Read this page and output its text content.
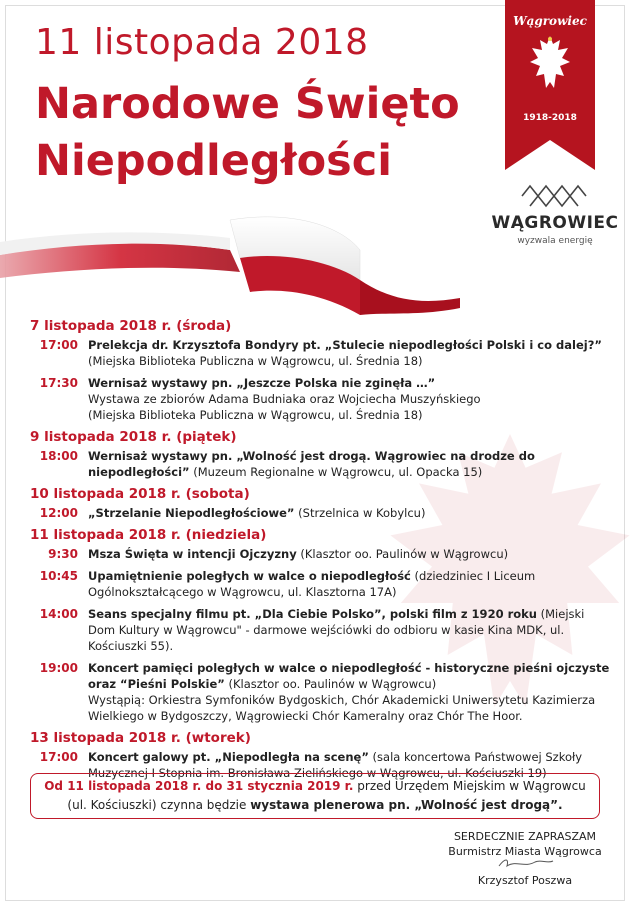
11 listopada 2018
Narodowe Święto
Niepodległości
Wągrowiec
1918-2018
WĄGROWIEC
wyzwala energię
7 listopada 2018 r. (środa)
17:00 Prelekcja dr. Krzysztofa Bondyry pt. „Stulecie niepodległości Polski i co dalej?”
(Miejska Biblioteka Publiczna w Wągrowcu, ul. Średnia 18)
17:30 Wernisaż wystawy pn. „Jeszcze Polska nie zginęła …”
Wystawa ze zbiorów Adama Budniaka oraz Wojciecha Muszyńskiego
(Miejska Biblioteka Publiczna w Wągrowcu, ul. Średnia 18)
9 listopada 2018 r. (piątek)
18:00 Wernisaż wystawy pn. „Wolność jest drogą. Wągrowiec na drodze do niepodległości” (Muzeum Regionalne w Wągrowcu, ul. Opacka 15)
10 listopada 2018 r. (sobota)
12:00 „Strzelanie Niepodległościowe” (Strzelnica w Kobylcu)
11 listopada 2018 r. (niedziela)
9:30 Msza Święta w intencji Ojczyzny (Klasztor oo. Paulinów w Wągrowcu)
10:45 Upamiętnienie poległych w walce o niepodległość (dziedziniec I Liceum Ogólnokształcącego w Wągrowcu, ul. Klasztorna 17A)
14:00 Seans specjalny filmu pt. „Dla Ciebie Polsko”, polski film z 1920 roku (Miejski Dom Kultury w Wągrowcu" - darmowe wejściówki do odbioru w kasie Kina MDK, ul. Kościuszki 55).
19:00 Koncert pamięci poległych w walce o niepodległość - historyczne pieśni ojczyste oraz “Pieśni Polskie” (Klasztor oo. Paulinów w Wągrowcu)
Wystąpią: Orkiestra Symfoników Bydgoskich, Chór Akademicki Uniwersytetu Kazimierza Wielkiego w Bydgoszczy, Wągrowiecki Chór Kameralny oraz Chór The Hoor.
13 listopada 2018 r. (wtorek)
17:00 Koncert galowy pt. „Niepodległa na scenę” (sala koncertowa Państwowej Szkoły Muzycznej I Stopnia im. Bronisława Zielińskiego w Wągrowcu, ul. Kościuszki 19)
Od 11 listopada 2018 r. do 31 stycznia 2019 r. przed Urzędem Miejskim w Wągrowcu
(ul. Kościuszki) czynna będzie wystawa plenerowa pn. „Wolność jest drogą”.
SERDECZNIE ZAPRASZAM
Burmistrz Miasta Wągrowca
Krzysztof Poszwa
